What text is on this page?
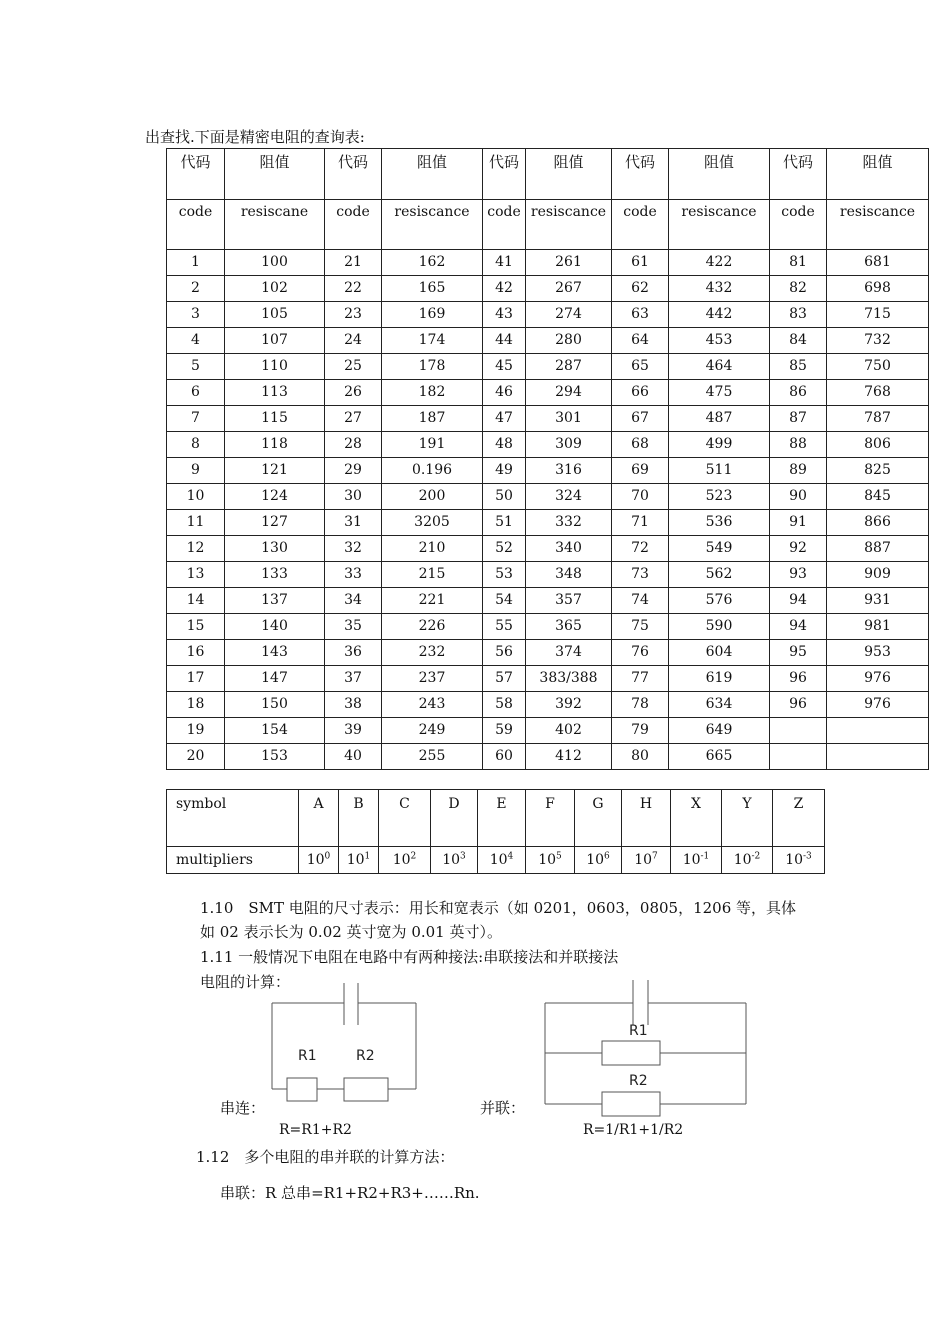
出查找.下面是精密电阻的查询表:
代码	阻值	代码	阻值	代码	阻值	代码	阻值	代码	阻值
code	resiscane	code	resiscance	code	resiscance	code	resiscance	code	resiscance
1	100	21	162	41	261	61	422	81	681
2	102	22	165	42	267	62	432	82	698
3	105	23	169	43	274	63	442	83	715
4	107	24	174	44	280	64	453	84	732
5	110	25	178	45	287	65	464	85	750
6	113	26	182	46	294	66	475	86	768
7	115	27	187	47	301	67	487	87	787
8	118	28	191	48	309	68	499	88	806
9	121	29	0.196	49	316	69	511	89	825
10	124	30	200	50	324	70	523	90	845
11	127	31	3205	51	332	71	536	91	866
12	130	32	210	52	340	72	549	92	887
13	133	33	215	53	348	73	562	93	909
14	137	34	221	54	357	74	576	94	931
15	140	35	226	55	365	75	590	94	981
16	143	36	232	56	374	76	604	95	953
17	147	37	237	57	383/388	77	619	96	976
18	150	38	243	58	392	78	634	96	976
19	154	39	249	59	402	79	649		
20	153	40	255	60	412	80	665		
symbol	A	B	C	D	E	F	G	H	X	Y	Z
multipliers	$10^0$	$10^1$	$10^2$	$10^3$	$10^4$	$10^5$	$10^6$	$10^7$	$10^{-1}$	$10^{-2}$	$10^{-3}$
1.10　SMT 电阻的尺寸表示：用长和宽表示（如 0201，0603，0805，1206 等，具体
如 02 表示长为 0.02 英寸宽为 0.01 英寸）。
1.11 一般情况下电阻在电路中有两种接法:串联接法和并联接法
电阻的计算：
R1	R2
R1
R2
串连：
R=R1+R2
并联：
R=1/R1+1/R2
1.12　多个电阻的串并联的计算方法：
串联：R 总串=R1+R2+R3+……Rn.
